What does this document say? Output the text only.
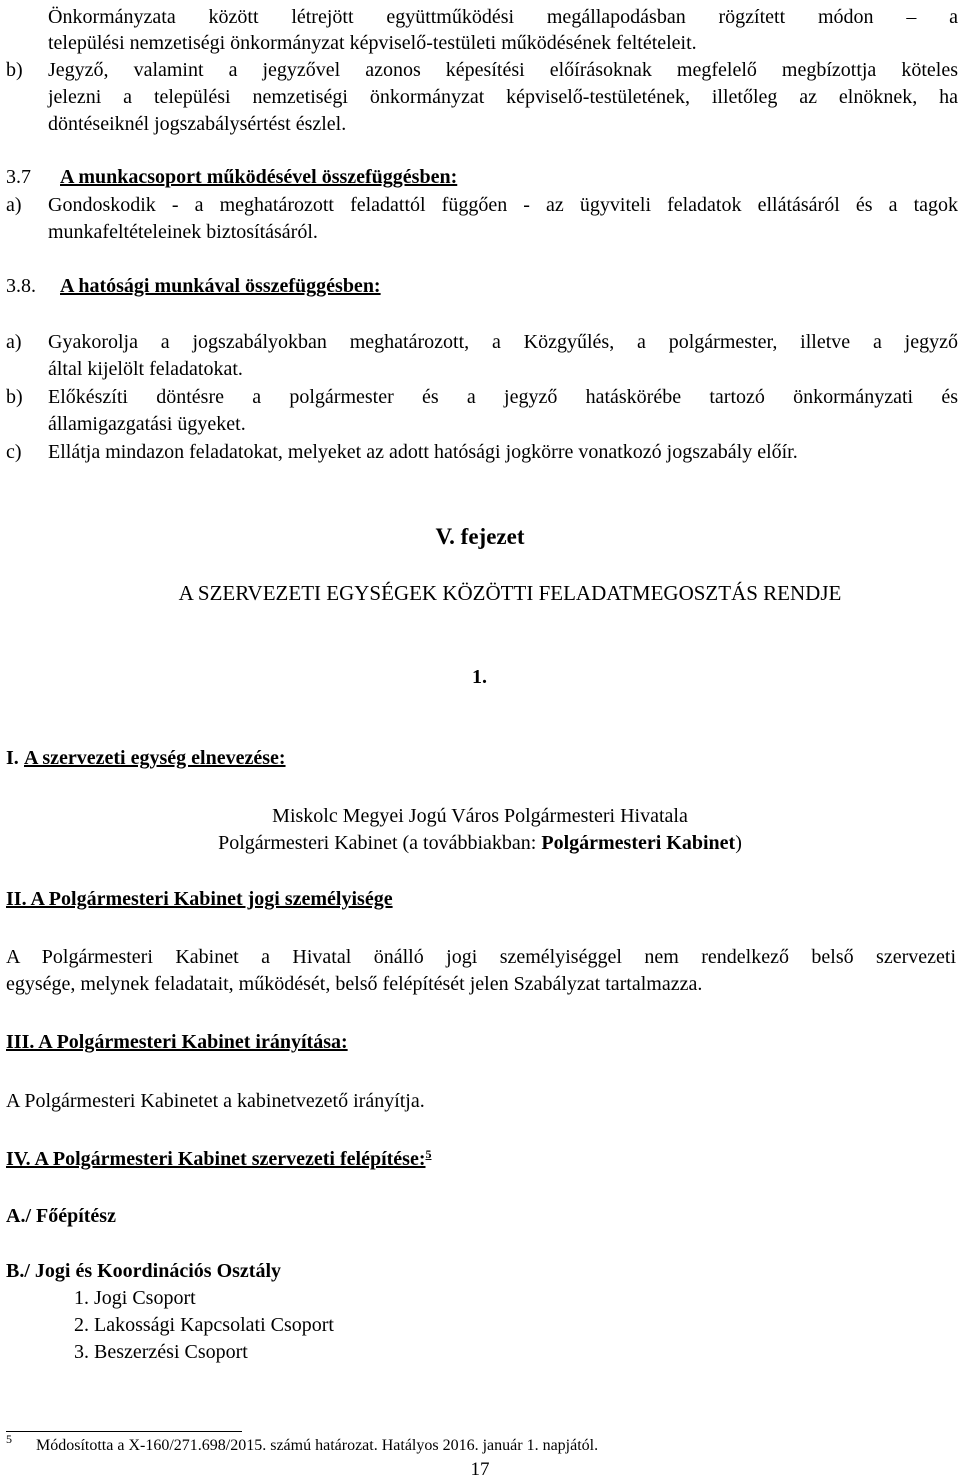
Önkormányzata között létrejött együttműködési megállapodásban rögzített módon – a
települési nemzetiségi önkormányzat képviselő-testületi működésének feltételeit.
b) Jegyző, valamint a jegyzővel azonos képesítési előírásoknak megfelelő megbízottja köteles
jelezni a települési nemzetiségi önkormányzat képviselő-testületének, illetőleg az elnöknek, ha
döntéseiknél jogszabálysértést észlel.
3.7 A munkacsoport működésével összefüggésben:
a) Gondoskodik - a meghatározott feladattól függően - az ügyviteli feladatok ellátásáról és a tagok
munkafeltételeinek biztosításáról.
3.8. A hatósági munkával összefüggésben:
a) Gyakorolja a jogszabályokban meghatározott, a Közgyűlés, a polgármester, illetve a jegyző
által kijelölt feladatokat.
b) Előkészíti döntésre a polgármester és a jegyző hatáskörébe tartozó önkormányzati és
államigazgatási ügyeket.
c) Ellátja mindazon feladatokat, melyeket az adott hatósági jogkörre vonatkozó jogszabály előír.
V. fejezet
A SZERVEZETI EGYSÉGEK KÖZÖTTI FELADATMEGOSZTÁS RENDJE
1.
I. A szervezeti egység elnevezése:
Miskolc Megyei Jogú Város Polgármesteri Hivatala
Polgármesteri Kabinet (a továbbiakban: Polgármesteri Kabinet)
II. A Polgármesteri Kabinet jogi személyisége
A Polgármesteri Kabinet a Hivatal önálló jogi személyiséggel nem rendelkező belső szervezeti
egysége, melynek feladatait, működését, belső felépítését jelen Szabályzat tartalmazza.
III. A Polgármesteri Kabinet irányítása:
A Polgármesteri Kabinetet a kabinetvezető irányítja.
IV. A Polgármesteri Kabinet szervezeti felépítése:$^5$
A./ Főépítész
B./ Jogi és Koordinációs Osztály
1. Jogi Csoport
2. Lakossági Kapcsolati Csoport
3. Beszerzési Csoport
5 Módosította a X-160/271.698/2015. számú határozat. Hatályos 2016. január 1. napjától.
17
